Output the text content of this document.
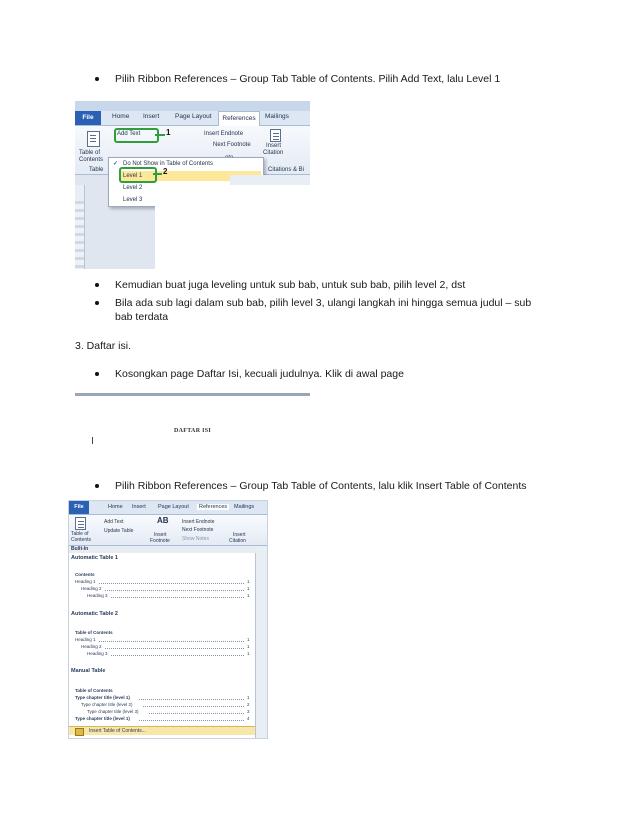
Pilih Ribbon References – Group Tab Table of Contents. Pilih Add Text, lalu Level 1
Home Insert Page Layout	Mailings
File	References
Table of
Contents
Table
Add Text	Insert Endnote
Next Footnote	Insert
Citation
Citations & Bi
1
✓ Do Not Show in Table of Contents
Level 1
Level 2
Level 3
2
Kemudian buat juga leveling untuk sub bab, untuk sub bab, pilih level 2, dst
Bila ada sub lagi dalam sub bab, pilih level 3, ulangi langkah ini hingga semua judul – sub
bab terdata
3. Daftar isi.
Kosongkan page Daftar Isi, kecuali judulnya. Klik di awal page
DAFTAR ISI
Pilih Ribbon References – Group Tab Table of Contents, lalu klik Insert Table of Contents
Home Insert Page Layout	References	Mailings
File
Table of
Contents
Add Text
Update Table
AB
Insert
Footnote
Insert Endnote
Next Footnote
Show Notes
Insert
Citation
Built-In
Automatic Table 1
Contents
Heading 1	1
Heading 2	1
Heading 3	1
Automatic Table 2
Table of Contents
Heading 1	1
Heading 2	1
Heading 3	1
Manual Table
Table of Contents
Type chapter title (level 1)	1
Type chapter title (level 2)	2
Type chapter title (level 3)	3
Type chapter title (level 1)	4
Insert Table of Contents...
